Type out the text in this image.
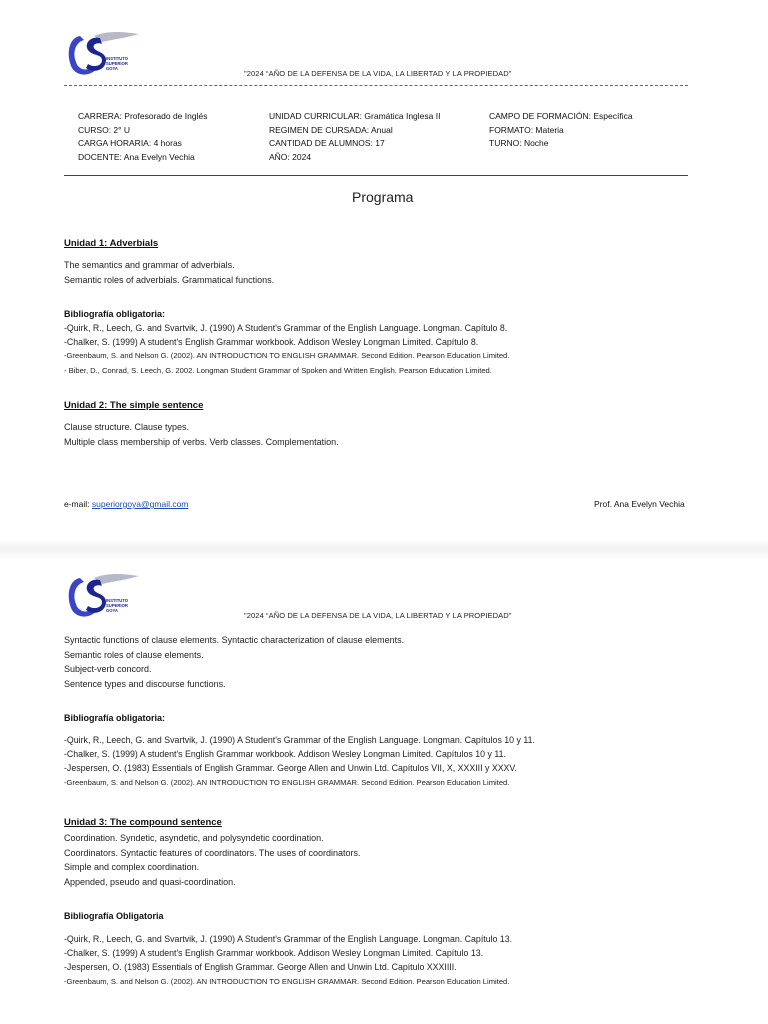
INSTITUTO
SUPERIOR
GOYA
"2024 “AÑO DE LA DEFENSA DE LA VIDA, LA LIBERTAD Y LA PROPIEDAD"
CARRERA: Profesorado de Inglés
CURSO: 2° U
CARGA HORARIA: 4 horas
DOCENTE: Ana Evelyn Vechia
UNIDAD CURRICULAR: Gramática Inglesa II
REGIMEN DE CURSADA: Anual
CANTIDAD DE ALUMNOS: 17
AÑO: 2024
CAMPO DE FORMACIÓN: Específica
FORMATO: Materia
TURNO: Noche
Programa
Unidad 1: Adverbials
The semantics and grammar of adverbials.
Semantic roles of adverbials. Grammatical functions.
Bibliografía obligatoria:
-Quirk, R., Leech, G. and Svartvik, J. (1990) A Student's Grammar of the English Language. Longman. Capítulo 8.
-Chalker, S. (1999) A student's English Grammar workbook. Addison Wesley Longman Limited. Capítulo 8.
-Greenbaum, S. and Nelson G. (2002). AN INTRODUCTION TO ENGLISH GRAMMAR. Second Edition. Pearson Education Limited.
- Biber, D., Conrad, S. Leech, G. 2002. Longman Student Grammar of Spoken and Written English. Pearson Education Limited.
Unidad 2: The simple sentence
Clause structure. Clause types.
Multiple class membership of verbs. Verb classes. Complementation.
e-mail: superiorgoya@gmail.com	Prof. Ana Evelyn Vechia
INSTITUTO
SUPERIOR
GOYA
"2024 “AÑO DE LA DEFENSA DE LA VIDA, LA LIBERTAD Y LA PROPIEDAD"
Syntactic functions of clause elements. Syntactic characterization of clause elements.
Semantic roles of clause elements.
Subject-verb concord.
Sentence types and discourse functions.
Bibliografía obligatoria:
-Quirk, R., Leech, G. and Svartvik, J. (1990) A Student's Grammar of the English Language. Longman. Capítulos 10 y 11.
-Chalker, S. (1999) A student's English Grammar workbook. Addison Wesley Longman Limited. Capítulos 10 y 11.
-Jespersen, O. (1983) Essentials of English Grammar. George Allen and Unwin Ltd. Capítulos VII, X, XXXIII y XXXV.
-Greenbaum, S. and Nelson G. (2002). AN INTRODUCTION TO ENGLISH GRAMMAR. Second Edition. Pearson Education Limited.
Unidad 3: The compound sentence
Coordination. Syndetic, asyndetic, and polysyndetic coordination.
Coordinators. Syntactic features of coordinators. The uses of coordinators.
Simple and complex coordination.
Appended, pseudo and quasi-coordination.
Bibliografía Obligatoria
-Quirk, R., Leech, G. and Svartvik, J. (1990) A Student's Grammar of the English Language. Longman. Capítulo 13.
-Chalker, S. (1999) A student's English Grammar workbook. Addison Wesley Longman Limited. Capítulo 13.
-Jespersen, O. (1983) Essentials of English Grammar. George Allen and Unwin Ltd. Capítulo XXXIIII.
-Greenbaum, S. and Nelson G. (2002). AN INTRODUCTION TO ENGLISH GRAMMAR. Second Edition. Pearson Education Limited.
